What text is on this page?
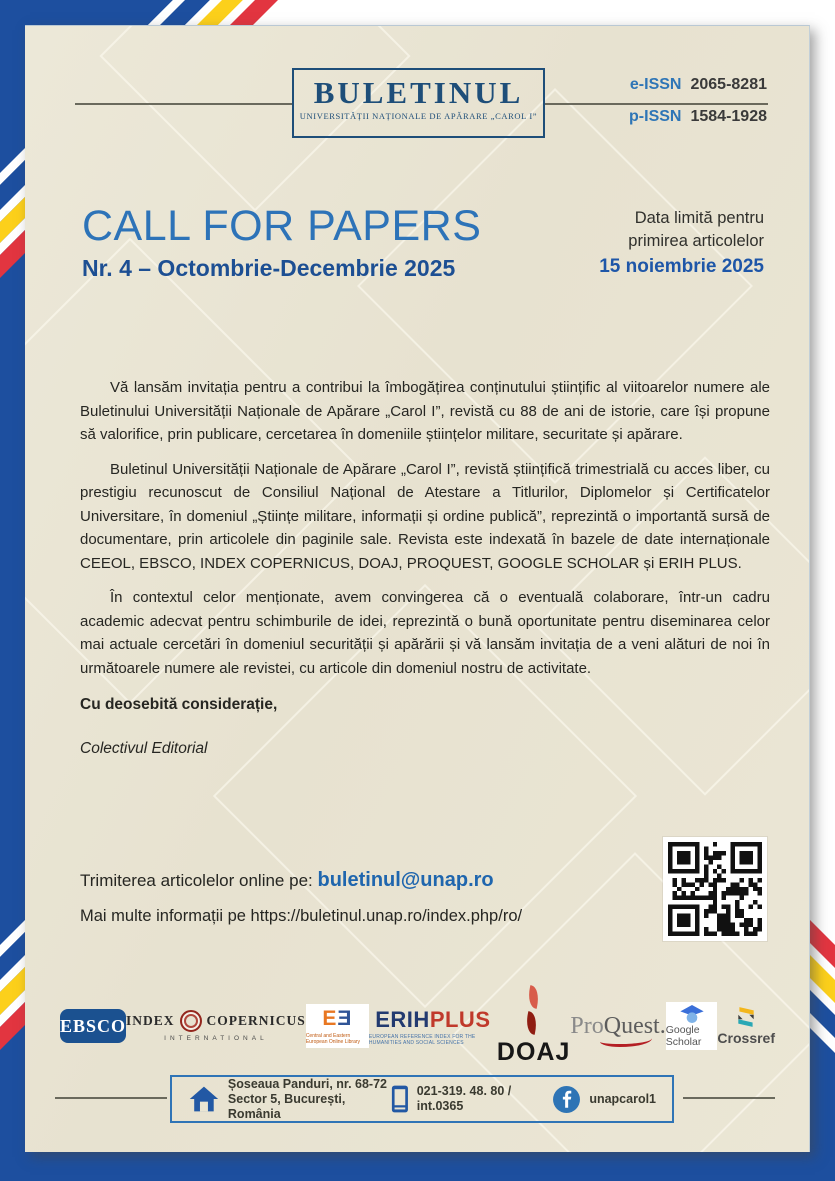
BULETINUL
UNIVERSITĂȚII NAȚIONALE DE APĂRARE „CAROL I”
e-ISSN 2065-8281
p-ISSN 1584-1928
CALL FOR PAPERS
Nr. 4 – Octombrie-Decembrie 2025
Data limită pentru
primirea articolelor
15 noiembrie 2025

Vă lansăm invitația pentru a contribui la îmbogățirea conținutului științific al viitoarelor numere ale Buletinului Universității Naționale de Apărare „Carol I”, revistă cu 88 de ani de istorie, care își propune să valorifice, prin publicare, cercetarea în domeniile științelor militare, securitate și apărare.

Buletinul Universității Naționale de Apărare „Carol I”, revistă științifică trimestrială cu acces liber, cu prestigiu recunoscut de Consiliul Național de Atestare a Titlurilor, Diplomelor și Certificatelor Universitare, în domeniul „Științe militare, informații și ordine publică”, reprezintă o importantă sursă de documentare, prin articolele din paginile sale. Revista este indexată în bazele de date internaționale CEEOL, EBSCO, INDEX COPERNICUS, DOAJ, PROQUEST, GOOGLE SCHOLAR și ERIH PLUS.

În contextul celor menționate, avem convingerea că o eventuală colaborare, într-un cadru academic adecvat pentru schimburile de idei, reprezintă o bună oportunitate pentru diseminarea celor mai actuale cercetări în domeniul securității și apărării și vă lansăm invitația de a veni alături de noi în următoarele numere ale revistei, cu articole din domeniul nostru de activitate.

Cu deosebită considerație,
Colectivul Editorial
Trimiterea articolelor online pe: buletinul@unap.ro
Mai multe informații pe https://buletinul.unap.ro/index.php/ro/
EBSCO INDEX COPERNICUS
INTERNATIONAL
EƎ
Central and Eastern European Online Library
ERIH PLUS
EUROPEAN REFERENCE INDEX FOR THE HUMANITIES AND SOCIAL SCIENCES	DOAJ
ProQuest. Google Scholar	Crossref
Șoseaua Panduri, nr. 68-72
Sector 5, București, România
021-319. 48. 80 / int.0365
unapcarol1
